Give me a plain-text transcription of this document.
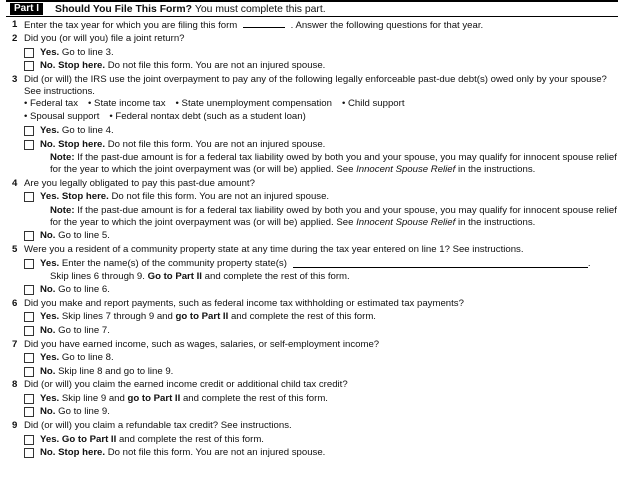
Part I	Should You File This Form? You must complete this part.
1 Enter the tax year for which you are filing this form	. Answer the following questions for that year.
2 Did you (or will you) file a joint return?
Yes.
Go to line 3.
No.
Stop here.
Do not file this form. You are not an injured spouse.
3 Did (or will) the IRS use the joint overpayment to pay any of the following legally enforceable past-due debt(s) owed only by your spouse? See instructions.
• Federal tax • State income tax • State unemployment compensation • Child support
• Spousal support • Federal nontax debt (such as a student loan)
Yes.
Go to line 4.
No.
Stop here.
Do not file this form. You are not an injured spouse.
Note: If the past-due amount is for a federal tax liability owed by both you and your spouse, you may qualify for innocent spouse relief for the year to which the joint overpayment was (or will be) applied. See Innocent Spouse Relief in the instructions.
4 Are you legally obligated to pay this past-due amount?
Yes.
Stop here.
Do not file this form. You are not an injured spouse.
Note: If the past-due amount is for a federal tax liability owed by both you and your spouse, you may qualify for innocent spouse relief for the year to which the joint overpayment was (or will be) applied. See Innocent Spouse Relief in the instructions.
No.
Go to line 5.
5 Were you a resident of a community property state at any time during the tax year entered on line 1? See instructions.
Yes.
Enter the name(s) of the community property state(s)	.
Skip lines 6 through 9. Go to Part II and complete the rest of this form.
No.
Go to line 6.
6 Did you make and report payments, such as federal income tax withholding or estimated tax payments?
Yes.
Skip lines 7 through 9 and
go to Part II
and complete the rest of this form.
No.
Go to line 7.
7 Did you have earned income, such as wages, salaries, or self-employment income?
Yes.
Go to line 8.
No.
Skip line 8 and go to line 9.
8 Did (or will) you claim the earned income credit or additional child tax credit?
Yes.
Skip line 9 and
go to Part II
and complete the rest of this form.
No.
Go to line 9.
9 Did (or will) you claim a refundable tax credit? See instructions.
Yes.
Go to Part II
and complete the rest of this form.
No.
Stop here.
Do not file this form. You are not an injured spouse.
